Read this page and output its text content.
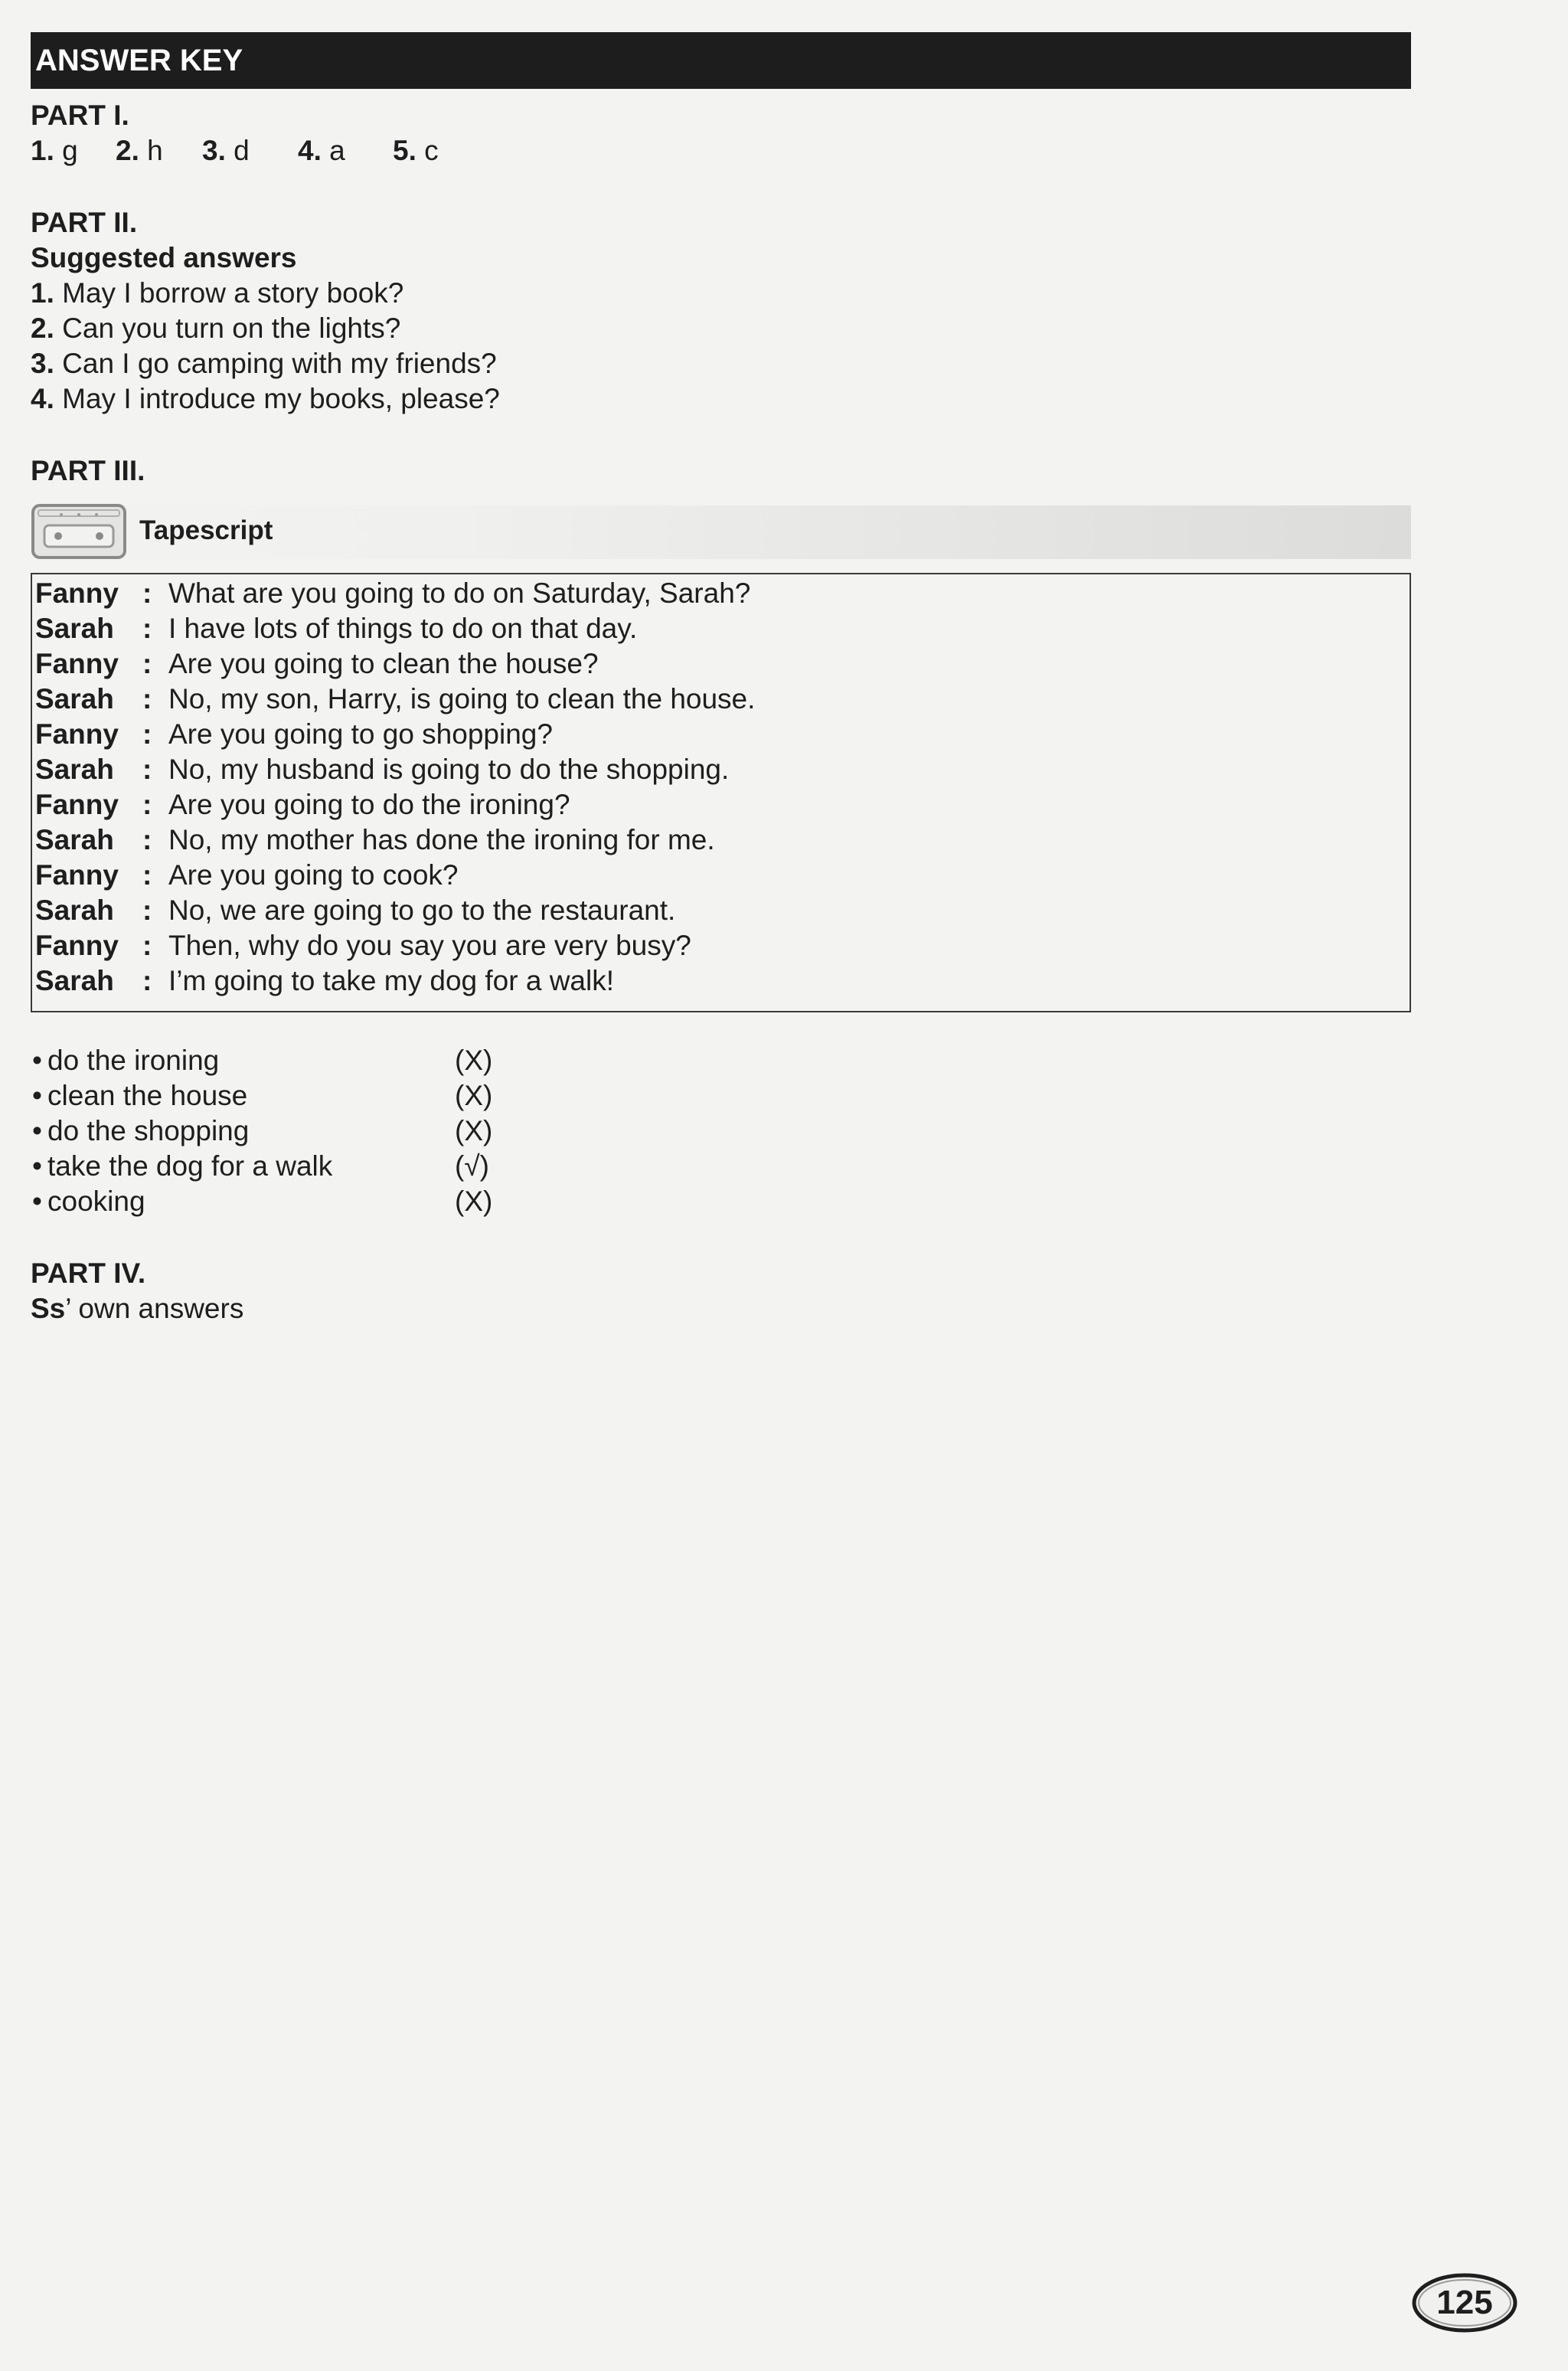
ANSWER KEY
PART I.
1. g 2. h 3. d 4. a 5. c
PART II.
Suggested answers
1. May I borrow a story book?
2. Can you turn on the lights?
3. Can I go camping with my friends?
4. May I introduce my books, please?
PART III.
Tapescript
Fanny : What are you going to do on Saturday, Sarah?
Sarah : I have lots of things to do on that day.
Fanny : Are you going to clean the house?
Sarah : No, my son, Harry, is going to clean the house.
Fanny : Are you going to go shopping?
Sarah : No, my husband is going to do the shopping.
Fanny : Are you going to do the ironing?
Sarah : No, my mother has done the ironing for me.
Fanny : Are you going to cook?
Sarah : No, we are going to go to the restaurant.
Fanny : Then, why do you say you are very busy?
Sarah : I’m going to take my dog for a walk!
• do the ironing	(X)
• clean the house	(X)
• do the shopping	(X)
• take the dog for a walk	(√)
• cooking	(X)
PART IV.
Ss’ own answers
125
